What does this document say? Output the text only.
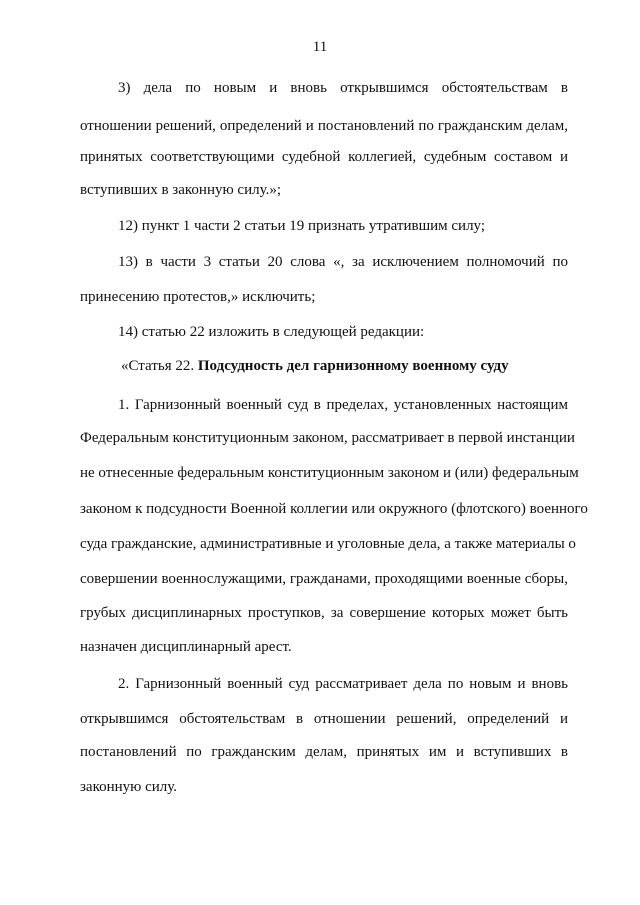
11
3) дела по новым и вновь открывшимся обстоятельствам в
отношении решений, определений и постановлений по гражданским делам,
принятых соответствующими судебной коллегией, судебным составом и
вступивших в законную силу.»;
12) пункт 1 части 2 статьи 19 признать утратившим силу;
13) в части 3 статьи 20 слова «, за исключением полномочий по
принесению протестов,» исключить;
14) статью 22 изложить в следующей редакции:
«Статья 22. Подсудность дел гарнизонному военному суду
1. Гарнизонный военный суд в пределах, установленных настоящим
Федеральным конституционным законом, рассматривает в первой инстанции
не отнесенные федеральным конституционным законом и (или) федеральным
законом к подсудности Военной коллегии или окружного (флотского) военного
суда гражданские, административные и уголовные дела, а также материалы о
совершении военнослужащими, гражданами, проходящими военные сборы,
грубых дисциплинарных проступков, за совершение которых может быть
назначен дисциплинарный арест.
2. Гарнизонный военный суд рассматривает дела по новым и вновь
открывшимся обстоятельствам в отношении решений, определений и
постановлений по гражданским делам, принятых им и вступивших в
законную силу.
